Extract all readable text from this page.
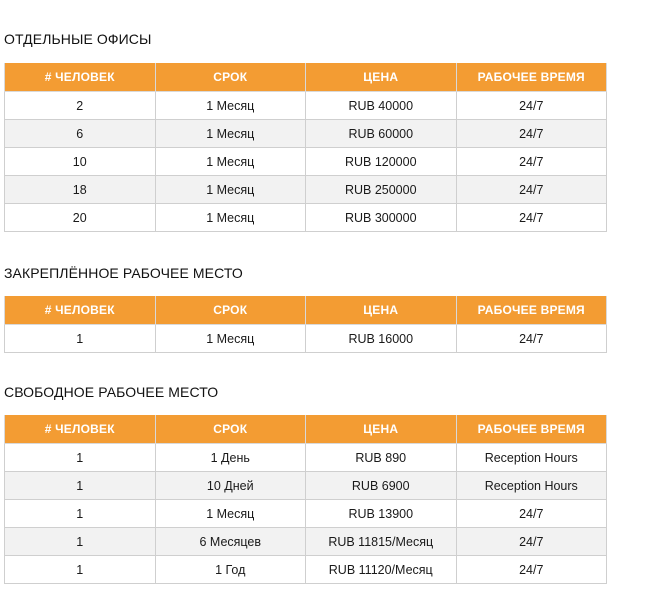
ОТДЕЛЬНЫЕ ОФИСЫ
# ЧЕЛОВЕК	СРОК	ЦЕНА	РАБОЧЕЕ ВРЕМЯ
2	1 Месяц	RUB 40000	24/7
6	1 Месяц	RUB 60000	24/7
10	1 Месяц	RUB 120000	24/7
18	1 Месяц	RUB 250000	24/7
20	1 Месяц	RUB 300000	24/7
ЗАКРЕПЛЁННОЕ РАБОЧЕЕ МЕСТО
# ЧЕЛОВЕК	СРОК	ЦЕНА	РАБОЧЕЕ ВРЕМЯ
1	1 Месяц	RUB 16000	24/7
СВОБОДНОЕ РАБОЧЕЕ МЕСТО
# ЧЕЛОВЕК	СРОК	ЦЕНА	РАБОЧЕЕ ВРЕМЯ
1	1 День	RUB 890	Reception Hours
1	10 Дней	RUB 6900	Reception Hours
1	1 Месяц	RUB 13900	24/7
1	6 Месяцев	RUB 11815/Месяц	24/7
1	1 Год	RUB 11120/Месяц	24/7
